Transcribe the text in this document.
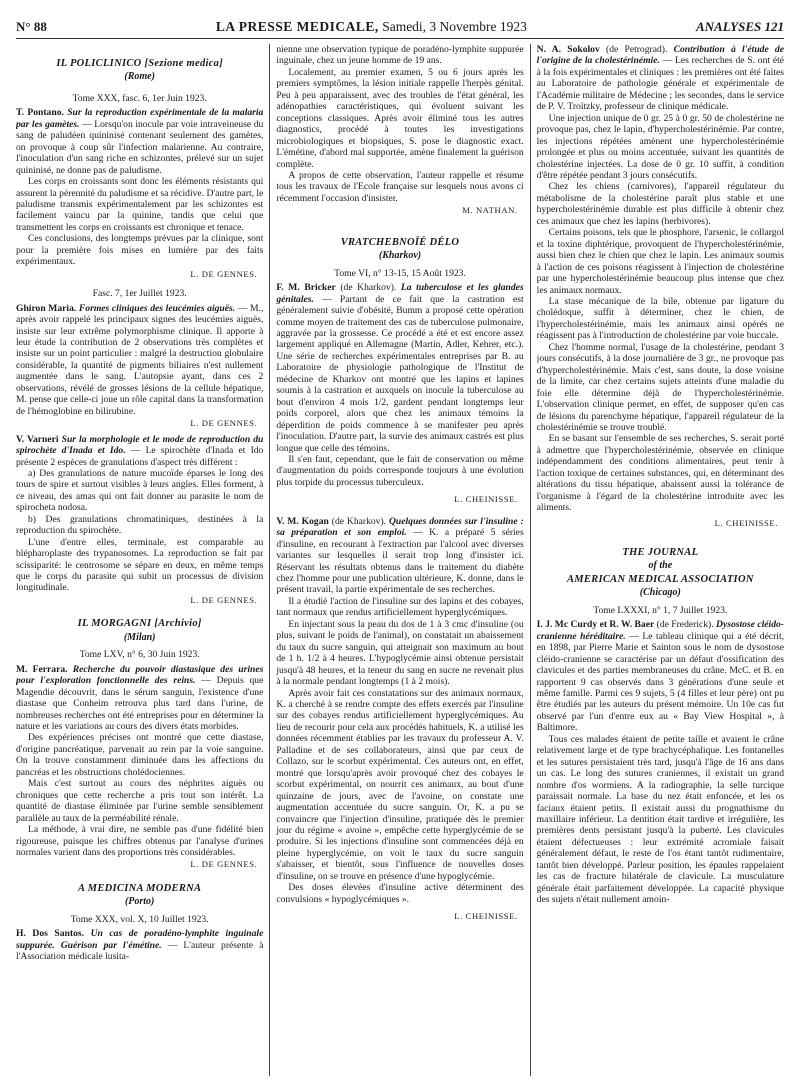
N° 88	LA PRESSE MEDICALE, Samedi, 3 Novembre 1923	ANALYSES 121
IL POLICLINICO [Sezione medica]
(Rome)
Tome XXX, fasc. 6, 1er Juin 1923.

T. Pontano. Sur la reproduction expérimentale de la malaria par les gamètes. — Lorsqu'on inocule par voie intraveineuse du sang de paludéen quininisé contenant seulement des gamètes, on provoque à coup sûr l'infection malarienne. Au contraire, l'inoculation d'un sang riche en schizontes, prélevé sur un sujet quininisé, ne donne pas de paludisme.

Les corps en croissants sont donc les éléments résistants qui assurent la pérennité du paludisme et sa récidive. D'autre part, le paludisme transmis expérimentalement par les schizontes est facilement vaincu par la quinine, tandis que celui que transmettent les corps en croissants est chronique et tenace.

Ces conclusions, des longtemps prévues par la clinique, sont pour la première fois mises en lumière par des faits expérimentaux.

L. DE GENNES.
Fasc. 7, 1er Juillet 1923.

Ghiron Maria. Formes cliniques des leucémies aiguës. — M., après avoir rappelé les principaux signes des leucémies aiguës, insiste sur leur extrême polymorphisme clinique. Il apporte à leur étude la contribution de 2 observations très complètes et insiste sur un point particulier : malgré la destruction globulaire considérable, la quantité de pigments biliaires n'est nullement augmentée dans le sang. L'autopsie ayant, dans ces 2 observations, révélé de grosses lésions de la cellule hépatique, M. pense que celle-ci joue un rôle capital dans la transformation de l'hémoglobine en bilirubine.

L. DE GENNES.

V. Varneri Sur la morphologie et le mode de reproduction du spirochète d'Inada et Ido. — Le spirochète d'Inada et Ido présente 2 espèces de granulations d'aspect très différent :

a) Des granulations de nature mucoïde éparses le long des tours de spire et surtout visibles à leurs angles. Elles forment, à ce niveau, des amas qui ont fait donner au parasite le nom de spirocheta nodosa.

b) Des granulations chromatiniques, destinées à la reproduction du spirochète.

L'une d'entre elles, terminale, est comparable au blépharoplaste des trypanosomes. La reproduction se fait par scissiparité: le centrosome se sépare en deux, en même temps que le corps du parasite qui subit un processus de division longitudinale.

L. DE GENNES.
IL MORGAGNI [Archivio]
(Milan)
Tome LXV, n° 6, 30 Juin 1923.

M. Ferrara. Recherche du pouvoir diastasique des urines pour l'exploration fonctionnelle des reins. — Depuis que Magendie découvrit, dans le sérum sanguin, l'existence d'une diastase que Conheim retrouva plus tard dans l'urine, de nombreuses recherches ont été entreprises pour en déterminer la nature et les variations au cours des divers états morbides.

Des expériences précises ont montré que cette diastase, d'origine pancréatique, parvenait au rein par la voie sanguine. On la trouve constamment diminuée dans les affections du pancréas et les obstructions cholédociennes.

Mais c'est surtout au cours des néphrites aiguës ou chroniques que cette recherche a pris tout son intérêt. La quantité de diastase éliminée par l'urine semble sensiblement parallèle au taux de la perméabilité rénale.

La méthode, à vrai dire, ne semble pas d'une fidélité bien rigoureuse, puisque les chiffres obtenus par l'analyse d'urines normales varient dans des proportions très considérables.

L. DE GENNES.
A MEDICINA MODERNA
(Porto)
Tome XXX, vol. X, 10 Juillet 1923.

H. Dos Santos. Un cas de poradéno-lymphite inguinale suppurée. Guérison par l'émétine. — L'auteur présente à l'Association médicale lusita-

nienne une observation typique de poradéno-lymphite suppurée inguinale, chez un jeune homme de 19 ans.

Localement, au premier examen, 5 ou 6 jours après les premiers symptômes, la lésion initiale rappelle l'herpès génital. Peu à peu apparaissent, avec des troubles de l'état général, les adénopathies caractéristiques, qui évoluent suivant les conceptions classiques. Après avoir éliminé tous les autres diagnostics, procédé à toutes les investigations microbiologiques et biopsiques, S. pose le diagnostic exact. L'émétine, d'abord mal supportée, amène finalement la guérison complète.

A propos de cette observation, l'auteur rappelle et résume tous les travaux de l'Ecole française sur lesquels nous avons ci récemment l'occasion d'insister.

M. NATHAN.
VRATCHEBNOÏÉ DÉLO
(Kharkov)
Tome VI, n° 13-15, 15 Août 1923.

F. M. Bricker (de Kharkov). La tuberculose et les glandes génitales. — Partant de ce fait que la castration est généralement suivie d'obésité, Bumm a proposé cette opération comme moyen de traitement des cas de tuberculose pulmonaire, aggravée par la grossesse. Ce procédé a été et est encore assez largement appliqué en Allemagne (Martin, Adler, Kehrer, etc.). Une série de recherches expérimentales entreprises par B. au Laboratoire de physiologie pathologique de l'Institut de médecine de Kharkov ont montré que les lapins et lapines soumis à la castration et auxquels on inocule la tuberculose au bout d'environ 4 mois 1/2, gardent pendant longtemps leur poids corporel, alors que chez les animaux témoins la déperdition de poids commence à se manifester peu après l'inoculation. D'autre part, la survie des animaux castrés est plus longue que celle des témoins.

Il s'en faut, cependant, que le fait de conservation ou même d'augmentation du poids corresponde toujours à une évolution plus torpide du processus tuberculeux.

L. CHEINISSE.

V. M. Kogan (de Kharkov). Quelques données sur l'insuline : sa préparation et son emploi. — K. a préparé 5 séries d'insuline, en recourant à l'extraction par l'alcool avec diverses variantes sur lesquelles il serait trop long d'insister ici. Réservant les résultats obtenus dans le traitement du diabète chez l'homme pour une publication ultérieure, K. donne, dans le présent travail, la partie expérimentale de ses recherches.

Il a étudié l'action de l'insuline sur des lapins et des cobayes, tant normaux que rendus artificiellement hyperglycémiques.

En injectant sous la peau du dos de 1 à 3 cmc d'insuline (ou plus, suivant le poids de l'animal), on constatait un abaissement du taux du sucre sanguin, qui atteignait son maximum au bout de 1 h. 1/2 à 4 heures. L'hypoglycémie ainsi obtenue persistait jusqu'à 48 heures, et la teneur du sang en sucre ne revenait plus à la normale pendant longtemps (1 à 2 mois).

Après avoir fait ces constatations sur des animaux normaux, K. a cherché à se rendre compte des effets exercés par l'insuline sur des cobayes rendus artificiellement hyperglycémiques. Au lieu de recourir pour cela aux procédés habituels, K. a utilisé les données récemment établies par les travaux du professeur A. V. Palladine et de ses collaborateurs, ainsi que par ceux de Collazo, sur le scorbut expérimental. Ces auteurs ont, en effet, montré que lorsqu'après avoir provoqué chez des cobayes le scorbut expérimental, on nourrit ces animaux, au bout d'une quinzaine de jours, avec de l'avoine, on constate une augmentation accentuée du sucre sanguin. Or, K. a pu se convaincre que l'injection d'insuline, pratiquée dès le premier jour du régime « avoine », empêche cette hyperglycémie de se produire. Si les injections d'insuline sont commencées déjà en pleine hyperglycémie, on voit le taux du sucre sanguin s'abaisser, et bientôt, sous l'influence de nouvelles doses d'insuline, on se trouve en présence d'une hypoglycémie.

Des doses élevées d'insuline active déterminent des convulsions « hypoglycémiques ».

L. CHEINISSE.

N. A. Sokolov (de Petrograd). Contribution à l'étude de l'origine de la cholestérinémie. — Les recherches de S. ont été à la fois expérimentales et cliniques : les premières ont été faites au Laboratoire de pathologie générale et expérimentale de l'Académie militaire de Médecine ; les secondes, dans le service de P. V. Troïtzky, professeur de clinique médicale.

Une injection unique de 0 gr. 25 à 0 gr. 50 de cholestérine ne provoque pas, chez le lapin, d'hypercholestérinémie. Par contre, les injections répétées amènent une hypercholestérinémie prolongée et plus ou moins accentuée, suivant les quantités de cholestérine injectées. La dose de 0 gr. 10 suffit, à condition d'être répétée pendant 3 jours consécutifs.

Chez les chiens (carnivores), l'appareil régulateur du métabolisme de la cholestérine paraît plus stable et une hypercholestérinémie durable est plus difficile à obtenir chez ces animaux que chez les lapins (herbivores).

Certains poisons, tels que le phosphore, l'arsenic, le collargol et la toxine diphtérique, provoquent de l'hypercholestérinémie, aussi bien chez le chien que chez le lapin. Les animaux soumis à l'action de ces poisons réagissent à l'injection de cholestérine par une hypercholestérinémie beaucoup plus intense que chez les animaux normaux.

La stase mécanique de la bile, obtenue par ligature du cholédoque, suffit à déterminer, chez le chien, de l'hypercholestérinémie, mais les animaux ainsi opérés ne réagissent pas à l'introduction de cholestérine par voie buccale.

Chez l'homme normal, l'usage de la cholestérine, pendant 3 jours consécutifs, à la dose journalière de 3 gr., ne provoque pas d'hypercholestérinémie. Mais c'est, sans doute, la dose voisine de la limite, car chez certains sujets atteints d'une maladie du foie elle détermine déjà de l'hypercholestérinémie. L'observation clinique permet, en effet, de supposer qu'en cas de lésions du parenchyme hépatique, l'appareil régulateur de la cholestérinémie se trouve troublé.

En se basant sur l'ensemble de ses recherches, S. serait porté à admettre que l'hypercholestérinémie, observée en clinique indépendamment des conditions alimentaires, peut tenir à l'action toxique de certaines substances, qui, en déterminant des altérations du tissu hépatique, abaissent aussi la tolérance de l'organisme à l'égard de la cholestérine introduite avec les aliments.

L. CHEINISSE.
THE JOURNAL
of the
AMERICAN MEDICAL ASSOCIATION
(Chicago)
Tome LXXXI, n° 1, 7 Juillet 1923.

I. J. Mc Curdy et R. W. Baer (de Frederick). Dysostose cléido-cranienne héréditaire. — Le tableau clinique qui a été décrit, en 1898, par Pierre Marie et Sainton sous le nom de dysostose cléido-cranienne se caractérise par un défaut d'ossification des clavicules et des parties membraneuses du crâne. McC. et B. en rapportent 9 cas observés dans 3 générations d'une seule et même famille. Parmi ces 9 sujets, 5 (4 filles et leur père) ont pu être étudiés par les auteurs du présent mémoire. Un 10e cas fut observé par l'un d'entre eux au « Bay View Hospital », à Baltimore.

Tous ces malades étaient de petite taille et avaient le crâne relativement large et de type brachycéphalique. Les fontanelles et les sutures persistaient très tard, jusqu'à l'âge de 16 ans dans un cas. Le long des sutures craniennes, il existait un grand nombre d'os wormiens. A la radiographie, la selle turcique paraissait normale. La base du nez était enfoncée, et les os faciaux étaient petits. Il existait aussi du prognathisme du maxillaire inférieur. La dentition était tardive et irrégulière, les premières dents persistant jusqu'à la puberté. Les clavicules étaient défectueuses : leur extrémité acromiale faisait généralement défaut, le reste de l'os étant tantôt rudimentaire, tantôt bien développé. Parleur position, les épaules rappelaient les cas de fracture bilatérale de clavicule. La musculature générale était parfaitement développée. La capacité physique des sujets n'était nullement amoin-
